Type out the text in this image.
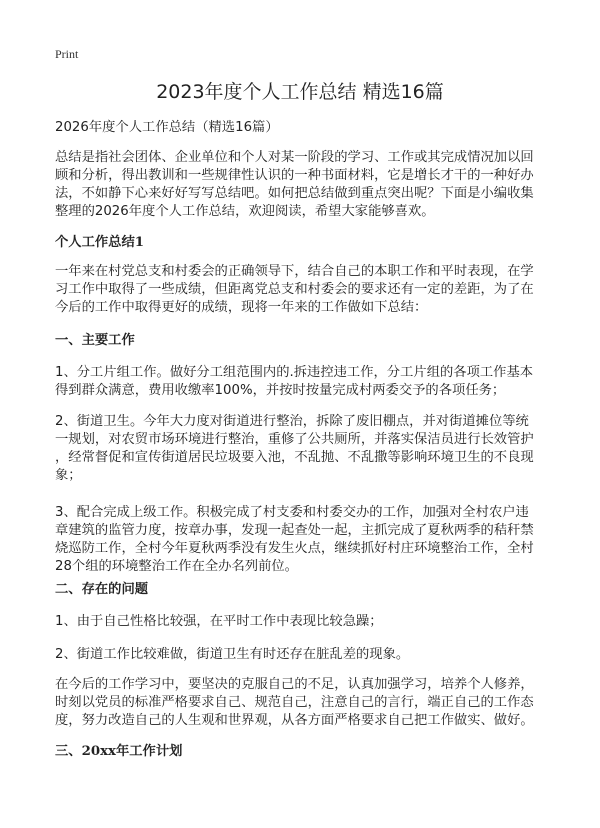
Print
2023年度个人工作总结 精选16篇
2026年度个人工作总结（精选16篇）
总结是指社会团体、企业单位和个人对某一阶段的学习、工作或其完成情况加以回
顾和分析，得出教训和一些规律性认识的一种书面材料，它是增长才干的一种好办
法，不如静下心来好好写写总结吧。如何把总结做到重点突出呢？下面是小编收集
整理的2026年度个人工作总结，欢迎阅读，希望大家能够喜欢。
个人工作总结1
一年来在村党总支和村委会的正确领导下，结合自己的本职工作和平时表现，在学
习工作中取得了一些成绩，但距离党总支和村委会的要求还有一定的差距，为了在
今后的工作中取得更好的成绩，现将一年来的工作做如下总结：
一、主要工作
1、分工片组工作。做好分工组范围内的.拆违控违工作，分工片组的各项工作基本
得到群众满意，费用收缴率100%，并按时按量完成村两委交予的各项任务；
2、街道卫生。今年大力度对街道进行整治，拆除了废旧棚点，并对街道摊位等统
一规划，对农贸市场环境进行整治，重修了公共厕所，并落实保洁员进行长效管护
，经常督促和宣传街道居民垃圾要入池，不乱抛、不乱撒等影响环境卫生的不良现
象；
3、配合完成上级工作。积极完成了村支委和村委交办的工作，加强对全村农户违
章建筑的监管力度，按章办事，发现一起查处一起，主抓完成了夏秋两季的秸秆禁
烧巡防工作，全村今年夏秋两季没有发生火点，继续抓好村庄环境整治工作，全村
28个组的环境整治工作在全办名列前位。
二、存在的问题
1、由于自己性格比较强，在平时工作中表现比较急躁；
2、街道工作比较难做，街道卫生有时还存在脏乱差的现象。
在今后的工作学习中，要坚决的克服自己的不足，认真加强学习，培养个人修养，
时刻以党员的标准严格要求自己、规范自己，注意自己的言行，端正自己的工作态
度，努力改造自己的人生观和世界观，从各方面严格要求自己把工作做实、做好。
三、20xx年工作计划
